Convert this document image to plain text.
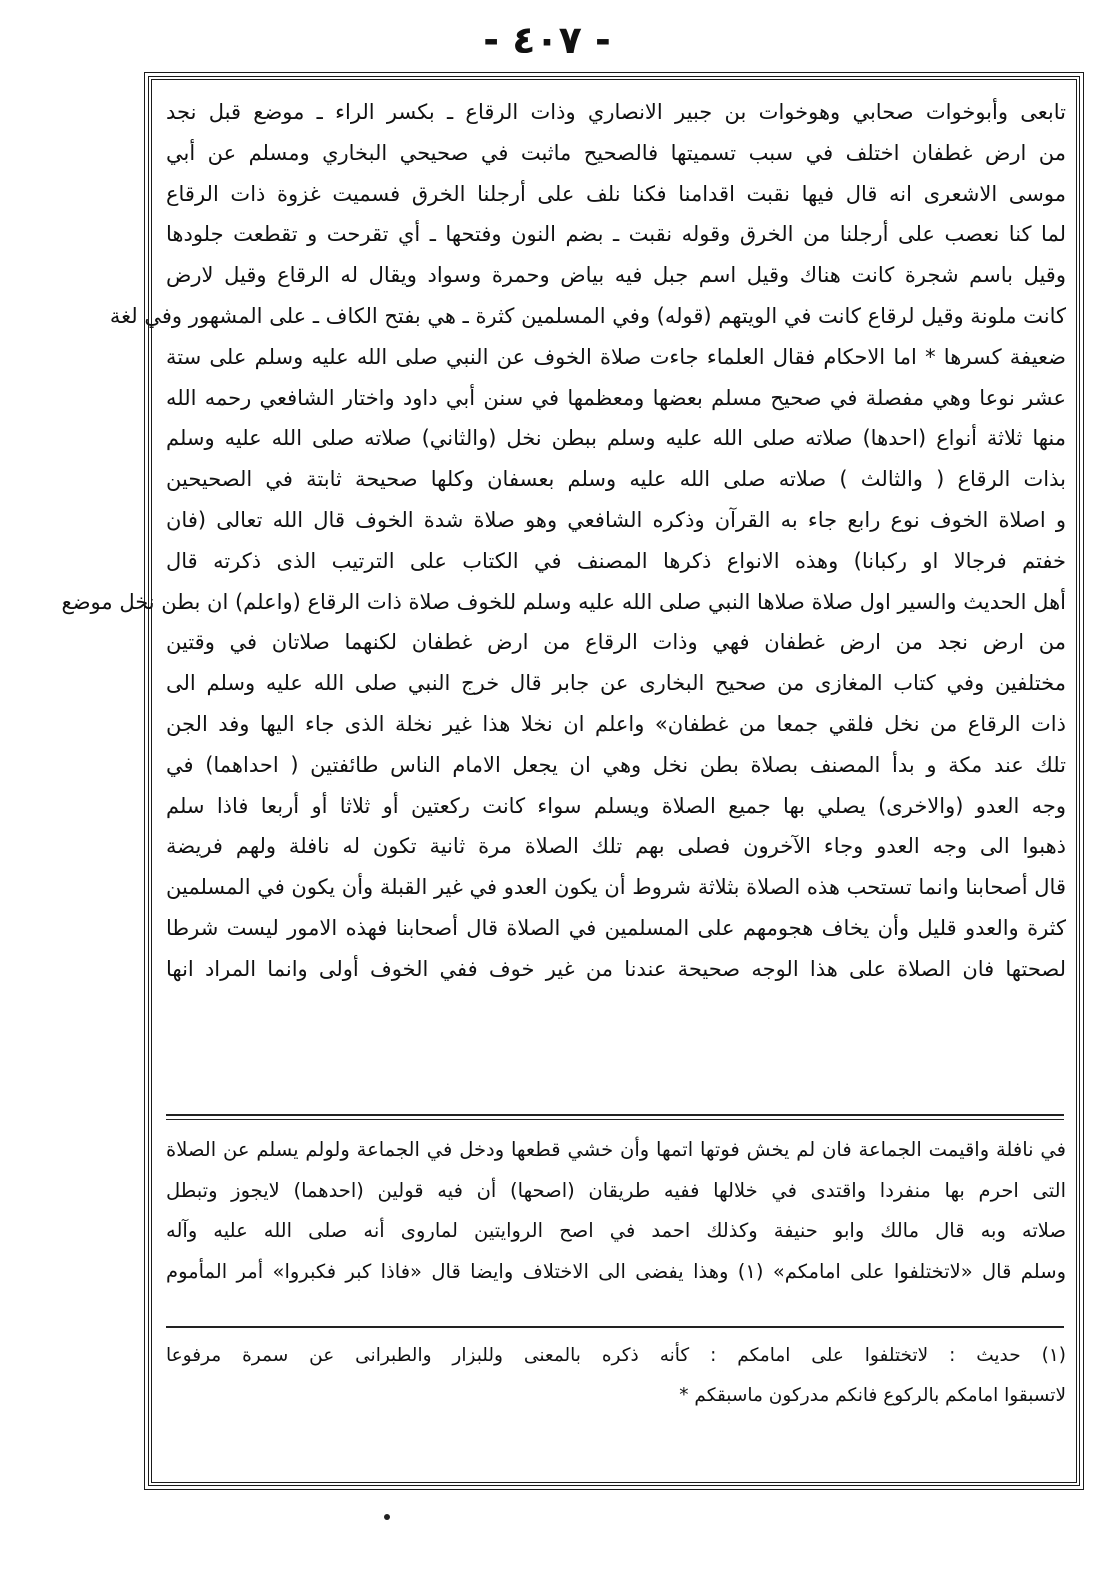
- ٤٠٧ -
تابعى وأبوخوات صحابي وهوخوات بن جبير الانصاري وذات الرقاع ـ بكسر الراء ـ موضع قبل نجد
من ارض غطفان اختلف في سبب تسميتها فالصحيح ماثبت في صحيحي البخاري ومسلم عن أبي
موسى الاشعرى انه قال فيها نقبت اقدامنا فكنا نلف على أرجلنا الخرق فسميت غزوة ذات الرقاع
لما كنا نعصب على أرجلنا من الخرق وقوله نقبت ـ بضم النون وفتحها ـ أي تقرحت و تقطعت جلودها
وقيل باسم شجرة كانت هناك وقيل اسم جبل فيه بياض وحمرة وسواد ويقال له الرقاع وقيل لارض
كانت ملونة وقيل لرقاع كانت في الويتهم (قوله) وفي المسلمين كثرة ـ هي بفتح الكاف ـ على المشهور وفي لغة
ضعيفة كسرها * اما الاحكام فقال العلماء جاءت صلاة الخوف عن النبي صلى الله عليه وسلم على ستة
عشر نوعا وهي مفصلة في صحيح مسلم بعضها ومعظمها في سنن أبي داود واختار الشافعي رحمه الله
منها ثلاثة أنواع (احدها) صلاته صلى الله عليه وسلم ببطن نخل (والثاني) صلاته صلى الله عليه وسلم
بذات الرقاع ( والثالث ) صلاته صلى الله عليه وسلم بعسفان وكلها صحيحة ثابتة في الصحيحين
و اصلاة الخوف نوع رابع جاء به القرآن وذكره الشافعي وهو صلاة شدة الخوف قال الله تعالى (فان
خفتم فرجالا او ركبانا) وهذه الانواع ذكرها المصنف في الكتاب على الترتيب الذى ذكرته قال
أهل الحديث والسير اول صلاة صلاها النبي صلى الله عليه وسلم للخوف صلاة ذات الرقاع (واعلم) ان بطن نخل موضع
من ارض نجد من ارض غطفان فهي وذات الرقاع من ارض غطفان لكنهما صلاتان في وقتين
مختلفين وفي كتاب المغازى من صحيح البخارى عن جابر قال خرج النبي صلى الله عليه وسلم الى
ذات الرقاع من نخل فلقي جمعا من غطفان» واعلم ان نخلا هذا غير نخلة الذى جاء اليها وفد الجن
تلك عند مكة و بدأ المصنف بصلاة بطن نخل وهي ان يجعل الامام الناس طائفتين ( احداهما) في
وجه العدو (والاخرى) يصلي بها جميع الصلاة ويسلم سواء كانت ركعتين أو ثلاثا أو أربعا فاذا سلم
ذهبوا الى وجه العدو وجاء الآخرون فصلى بهم تلك الصلاة مرة ثانية تكون له نافلة ولهم فريضة
قال أصحابنا وانما تستحب هذه الصلاة بثلاثة شروط أن يكون العدو في غير القبلة وأن يكون في المسلمين
كثرة والعدو قليل وأن يخاف هجومهم على المسلمين في الصلاة قال أصحابنا فهذه الامور ليست شرطا
لصحتها فان الصلاة على هذا الوجه صحيحة عندنا من غير خوف ففي الخوف أولى وانما المراد انها
في نافلة واقيمت الجماعة فان لم يخش فوتها اتمها وأن خشي قطعها ودخل في الجماعة ولولم يسلم عن الصلاة
التى احرم بها منفردا واقتدى في خلالها ففيه طريقان (اصحها) أن فيه قولين (احدهما) لايجوز وتبطل
صلاته وبه قال مالك وابو حنيفة وكذلك احمد في اصح الروايتين لماروى أنه صلى الله عليه وآله
وسلم قال «لاتختلفوا على امامكم» (١) وهذا يفضى الى الاختلاف وايضا قال «فاذا كبر فكبروا» أمر المأموم
(١) حديث : لاتختلفوا على امامكم : كأنه ذكره بالمعنى وللبزار والطبرانى عن سمرة مرفوعا
لاتسبقوا امامكم بالركوع فانكم مدركون ماسبقكم *
